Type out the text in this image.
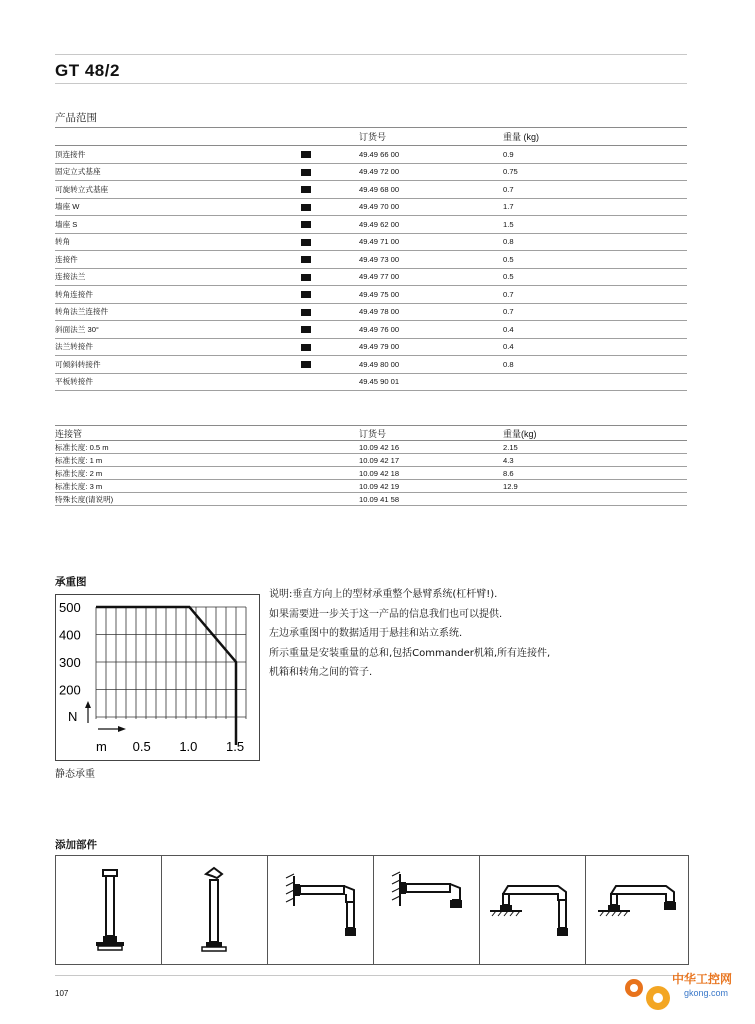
GT 48/2
产品范围
		订货号	重量 (kg)
顶连接件		49.49 66 00	0.9
固定立式基座		49.49 72 00	0.75
可旋转立式基座		49.49 68 00	0.7
墙座 W		49.49 70 00	1.7
墙座 S		49.49 62 00	1.5
转角		49.49 71 00	0.8
连接件		49.49 73 00	0.5
连接法兰		49.49 77 00	0.5
转角连接件		49.49 75 00	0.7
转角法兰连接件		49.49 78 00	0.7
斜面法兰 30°		49.49 76 00	0.4
法兰转接件		49.49 79 00	0.4
可倾斜转接件		49.49 80 00	0.8
平板转接件		49.45 90 01	
连接管		订货号	重量(kg)
标准长度: 0.5 m		10.09 42 16	2.15
标准长度: 1 m		10.09 42 17	4.3
标准长度: 2 m		10.09 42 18	8.6
标准长度: 3 m		10.09 42 19	12.9
特殊长度(请说明)		10.09 41 58	
承重图
500
400
300
200
N
m 0.5 1.0 1.5
说明:垂直方向上的型材承重整个悬臂系统(杠杆臂!).
如果需要进一步关于这一产品的信息我们也可以提供.
左边承重图中的数据适用于悬挂和站立系统.
所示重量是安装重量的总和,包括Commander机箱,所有连接件,
机箱和转角之间的管子.
静态承重
添加部件
107
中华工控网
gkong.com
